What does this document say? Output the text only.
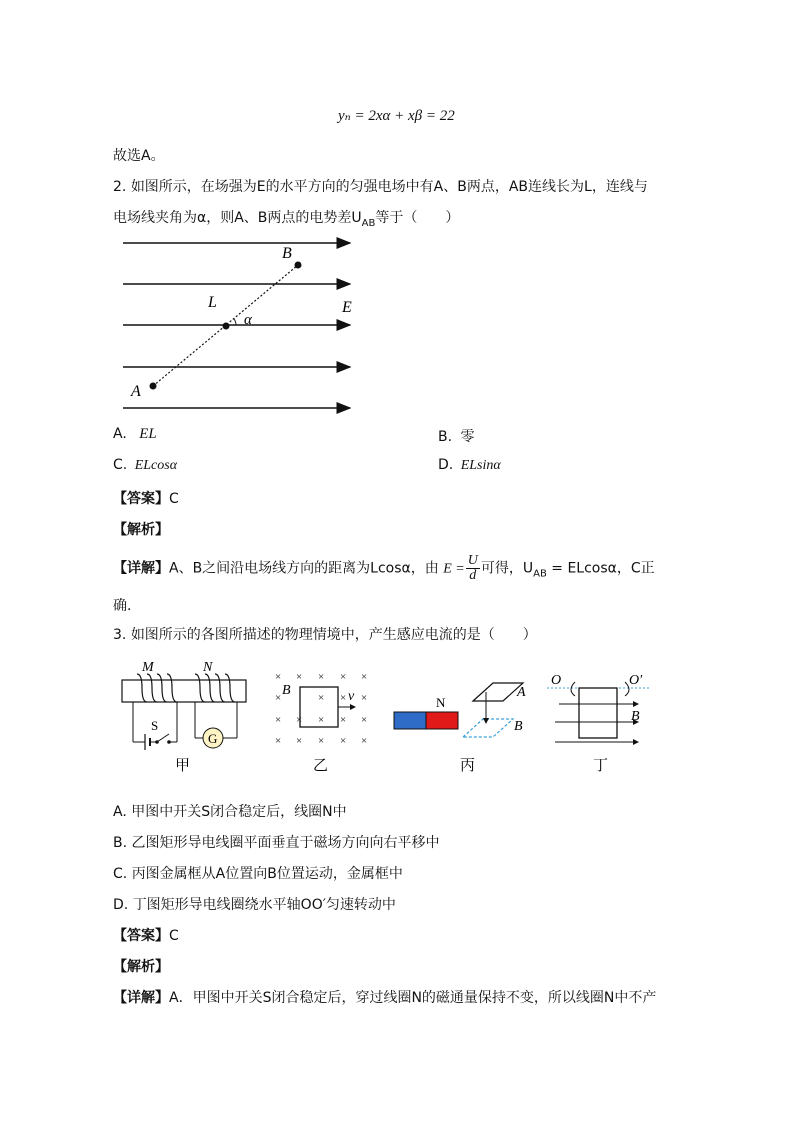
yₙ = 2xα + xβ = 22
故选A。
2. 如图所示，在场强为E的水平方向的匀强电场中有A、B两点，AB连线长为L，连线与
电场线夹角为α，则A、B两点的电势差$U_{AB}$等于（　　）
B
L
α
E
A
A. EL	B. 零
C. ELcosα	D. ELsinα
【答案】C
【解析】
【详解】A、B之间沿电场线方向的距离为Lcosα，由 $E = \frac{U}{d}$ 可得，$U_{AB} = ELcos\alpha$，C正
确.
3. 如图所示的各图所描述的物理情境中，产生感应电流的是（　　）
G
M	N
S
甲
× × × × ×
× ×
× ×	× ×
× × × × ×
×	×
×
v
B
乙
N
A
B
丙
O	O′
B
丁
A. 甲图中开关S闭合稳定后，线圈N中
B. 乙图矩形导电线圈平面垂直于磁场方向向右平移中
C. 丙图金属框从A位置向B位置运动，金属框中
D. 丁图矩形导电线圈绕水平轴OO′匀速转动中
【答案】C
【解析】
【详解】A．甲图中开关S闭合稳定后，穿过线圈N的磁通量保持不变，所以线圈N中不产
